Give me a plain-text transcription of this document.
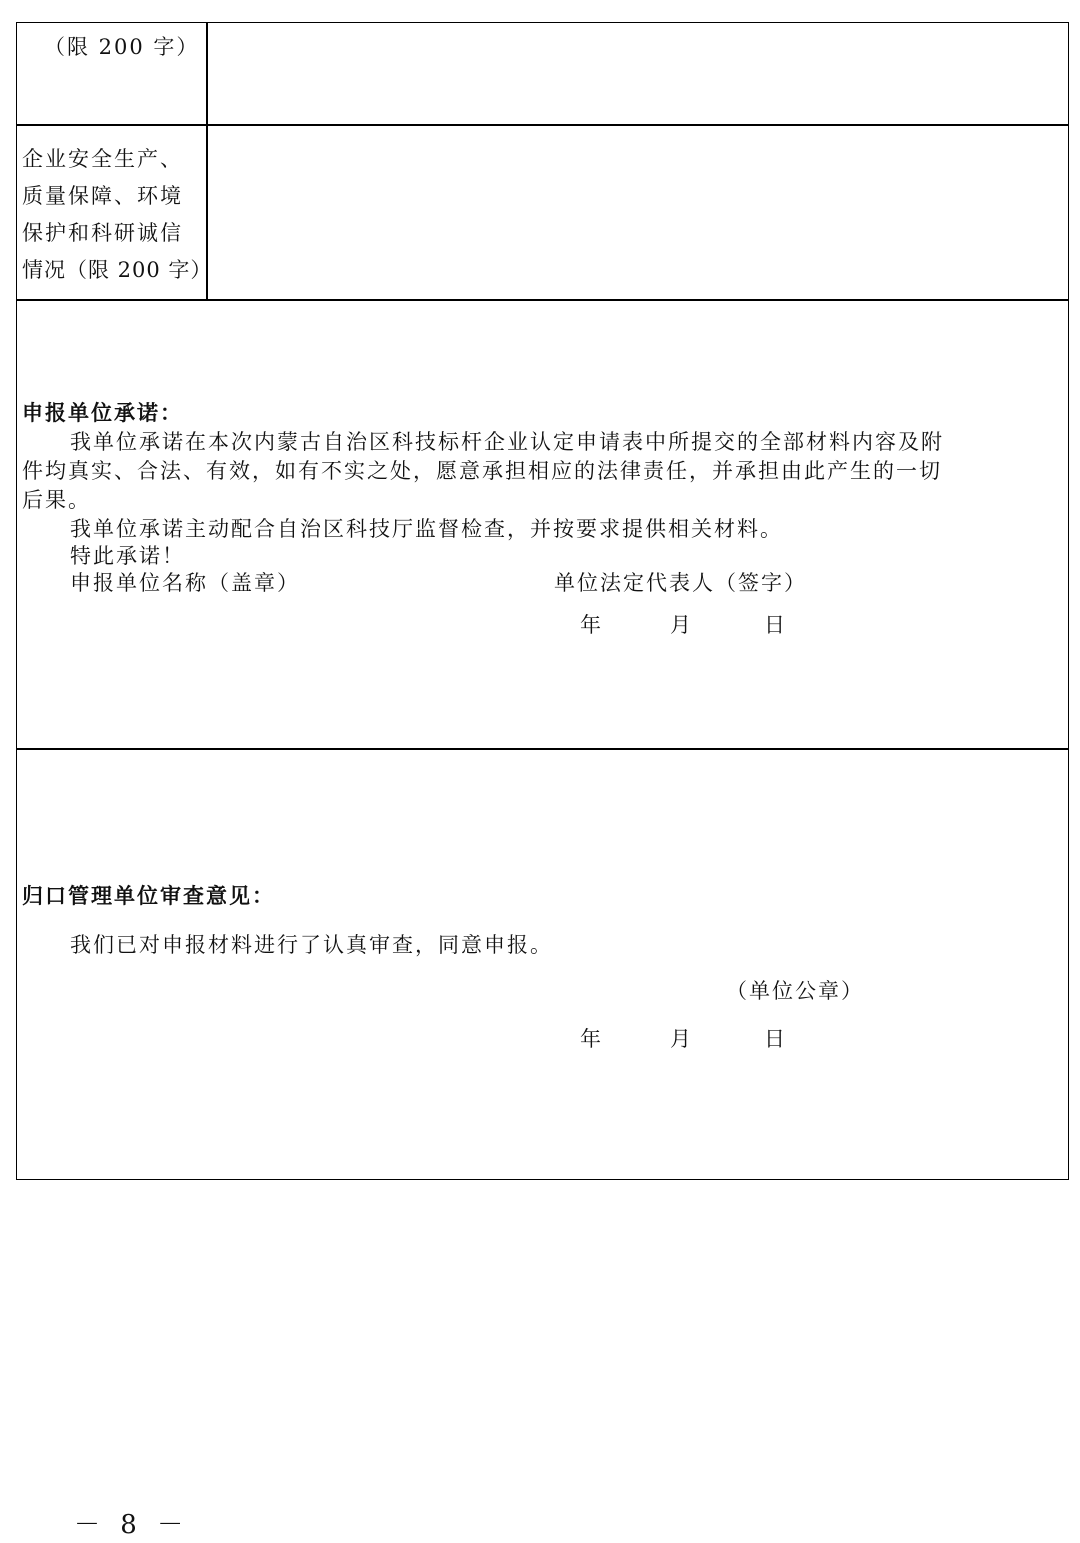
（限 200 字）
企业安全生产、
质量保障、环境
保护和科研诚信
情况（限 200 字）
申报单位承诺：
我单位承诺在本次内蒙古自治区科技标杆企业认定申请表中所提交的全部材料内容及附
件均真实、合法、有效，如有不实之处，愿意承担相应的法律责任，并承担由此产生的一切
后果。
我单位承诺主动配合自治区科技厅监督检查，并按要求提供相关材料。
特此承诺！
申报单位名称（盖章）	单位法定代表人（签字）
年	月	日
归口管理单位审查意见：
我们已对申报材料进行了认真审查，同意申报。
（单位公章）
年	月	日
－ 8 －
